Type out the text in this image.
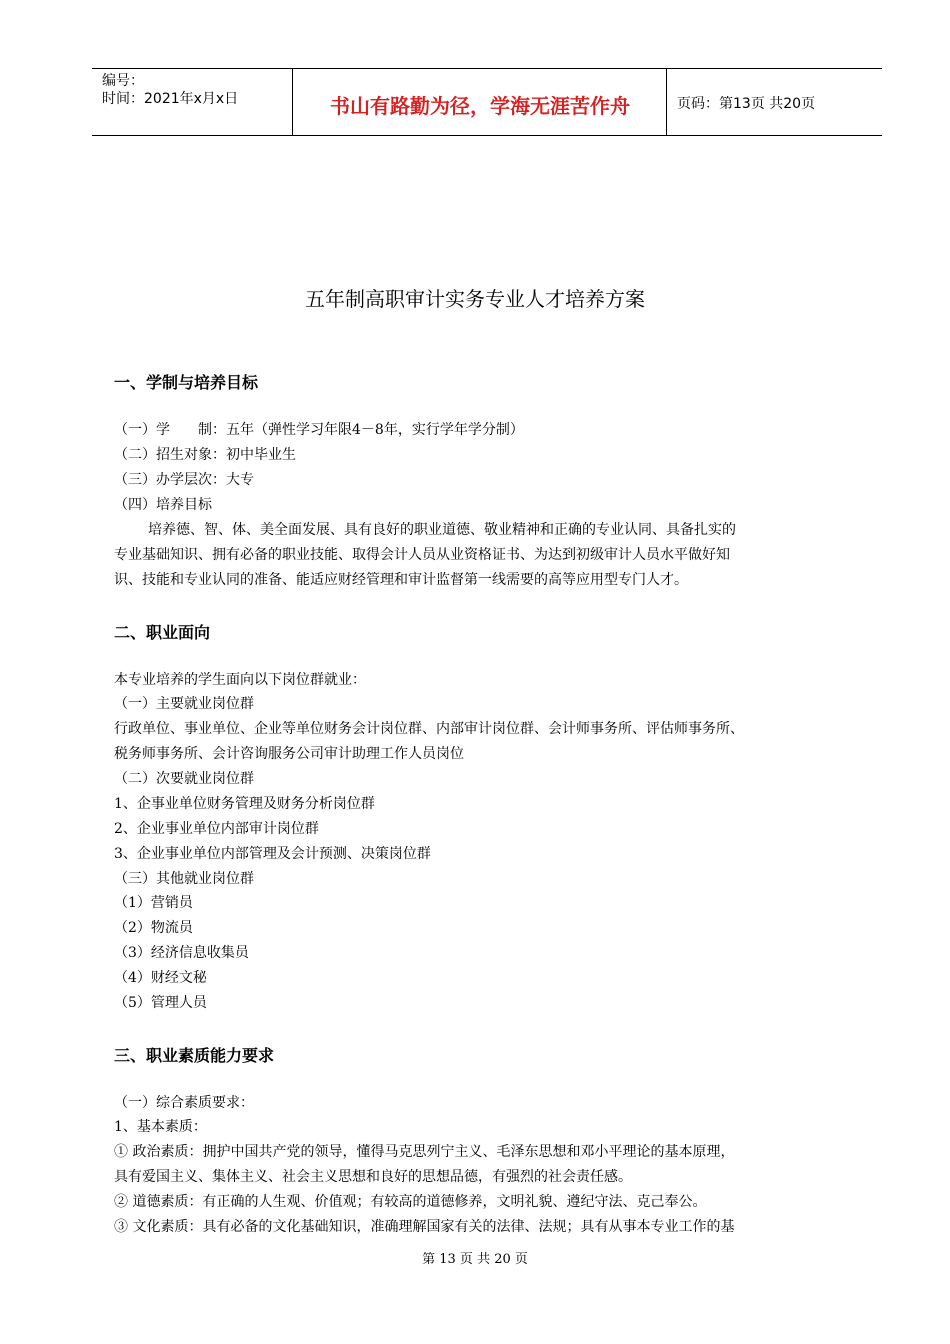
编号：
时间：2021年x月x日	书山有路勤为径，学海无涯苦作舟	页码：第13页 共20页
五年制高职审计实务专业人才培养方案
一、学制与培养目标
（一）学　　制：五年（弹性学习年限4－8年，实行学年学分制）
（二）招生对象：初中毕业生
（三）办学层次：大专
（四）培养目标
培养德、智、体、美全面发展、具有良好的职业道德、敬业精神和正确的专业认同、具备扎实的
专业基础知识、拥有必备的职业技能、取得会计人员从业资格证书、为达到初级审计人员水平做好知
识、技能和专业认同的准备、能适应财经管理和审计监督第一线需要的高等应用型专门人才。
二、职业面向
本专业培养的学生面向以下岗位群就业：
（一）主要就业岗位群
行政单位、事业单位、企业等单位财务会计岗位群、内部审计岗位群、会计师事务所、评估师事务所、
税务师事务所、会计咨询服务公司审计助理工作人员岗位
（二）次要就业岗位群
1、企事业单位财务管理及财务分析岗位群
2、企业事业单位内部审计岗位群
3、企业事业单位内部管理及会计预测、决策岗位群
（三）其他就业岗位群
（1）营销员
（2）物流员
（3）经济信息收集员
（4）财经文秘
（5）管理人员
三、职业素质能力要求
（一）综合素质要求：
1、基本素质：
① 政治素质：拥护中国共产党的领导，懂得马克思列宁主义、毛泽东思想和邓小平理论的基本原理，
具有爱国主义、集体主义、社会主义思想和良好的思想品德，有强烈的社会责任感。
② 道德素质：有正确的人生观、价值观；有较高的道德修养，文明礼貌、遵纪守法、克己奉公。
③ 文化素质：具有必备的文化基础知识，准确理解国家有关的法律、法规；具有从事本专业工作的基
第 13 页 共 20 页
